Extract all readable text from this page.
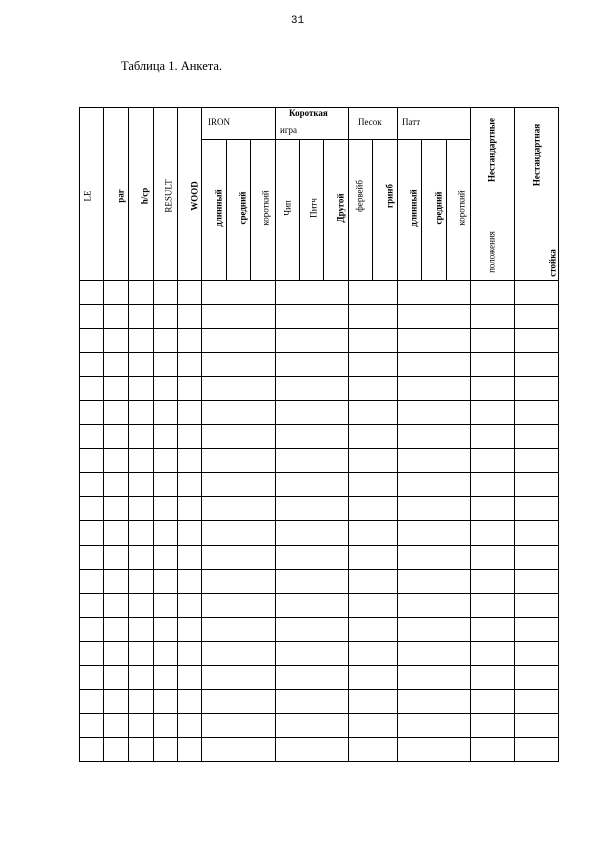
31
Таблица 1. Анкета.
LE	par h/cp RESULT WOOD
IRON
Короткая
игра
Песок Патт
длинный средний короткий Чип Питч Другой фервейб гринб длинный средний короткий
Нестандартные
положения
Нестандартная
стойка
